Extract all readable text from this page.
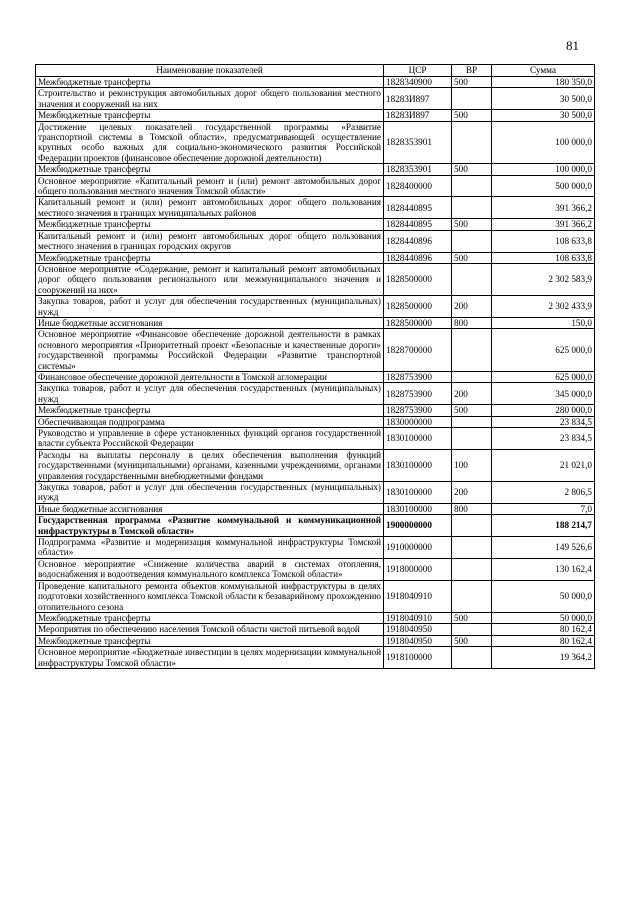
81
Наименование показателей	ЦСР	ВР	Сумма
Межбюджетные трансферты	1828340900	500	180 350,0
Строительство и реконструкция автомобильных дорог общего пользования местного значения и сооружений на них	18283И897		30 500,0
Межбюджетные трансферты	18283И897	500	30 500,0
Достижение целевых показателей государственной программы «Развитие транспортной системы в Томской области», предусматривающей осуществление крупных особо важных для социально-экономического развития Российской Федерации проектов (финансовое обеспечение дорожной деятельности)	1828353901		100 000,0
Межбюджетные трансферты	1828353901	500	100 000,0
Основное мероприятие «Капитальный ремонт и (или) ремонт автомобильных дорог общего пользования местного значения Томской области»	1828400000		500 000,0
Капитальный ремонт и (или) ремонт автомобильных дорог общего пользования местного значения в границах муниципальных районов	1828440895		391 366,2
Межбюджетные трансферты	1828440895	500	391 366,2
Капитальный ремонт и (или) ремонт автомобильных дорог общего пользования местного значения в границах городских округов	1828440896		108 633,8
Межбюджетные трансферты	1828440896	500	108 633,8
Основное мероприятие «Содержание, ремонт и капитальный ремонт автомобильных дорог общего пользования регионального или межмуниципального значения и сооружений на них»	1828500000		2 302 583,9
Закупка товаров, работ и услуг для обеспечения государственных (муниципальных) нужд	1828500000	200	2 302 433,9
Иные бюджетные ассигнования	1828500000	800	150,0
Основное мероприятие «Финансовое обеспечение дорожной деятельности в рамках основного мероприятия «Приоритетный проект «Безопасные и качественные дороги» государственной программы Российской Федерации «Развитие транспортной системы»	1828700000		625 000,0
Финансовое обеспечение дорожной деятельности в Томской агломерации	1828753900		625 000,0
Закупка товаров, работ и услуг для обеспечения государственных (муниципальных) нужд	1828753900	200	345 000,0
Межбюджетные трансферты	1828753900	500	280 000,0
Обеспечивающая подпрограмма	1830000000		23 834,5
Руководство и управление в сфере установленных функций органов государственной власти субъекта Российской Федерации	1830100000		23 834,5
Расходы на выплаты персоналу в целях обеспечения выполнения функций государственными (муниципальными) органами, казенными учреждениями, органами управления государственными внебюджетными фондами	1830100000	100	21 021,0
Закупка товаров, работ и услуг для обеспечения государственных (муниципальных) нужд	1830100000	200	2 806,5
Иные бюджетные ассигнования	1830100000	800	7,0
Государственная программа «Развитие коммунальной и коммуникационной инфраструктуры в Томской области»	1900000000		188 214,7
Подпрограмма «Развитие и модернизация коммунальной инфраструктуры Томской области»	1910000000		149 526,6
Основное мероприятие «Снижение количества аварий в системах отопления, водоснабжения и водоотведения коммунального комплекса Томской области»	1918000000		130 162,4
Проведение капитального ремонта объектов коммунальной инфраструктуры в целях подготовки хозяйственного комплекса Томской области к безаварийному прохождению отопительного сезона	1918040910		50 000,0
Межбюджетные трансферты	1918040910	500	50 000,0
Мероприятия по обеспечению населения Томской области чистой питьевой водой	1918040950		80 162,4
Межбюджетные трансферты	1918040950	500	80 162,4
Основное мероприятие «Бюджетные инвестиции в целях модернизации коммунальной инфраструктуры Томской области»	1918100000		19 364,2
